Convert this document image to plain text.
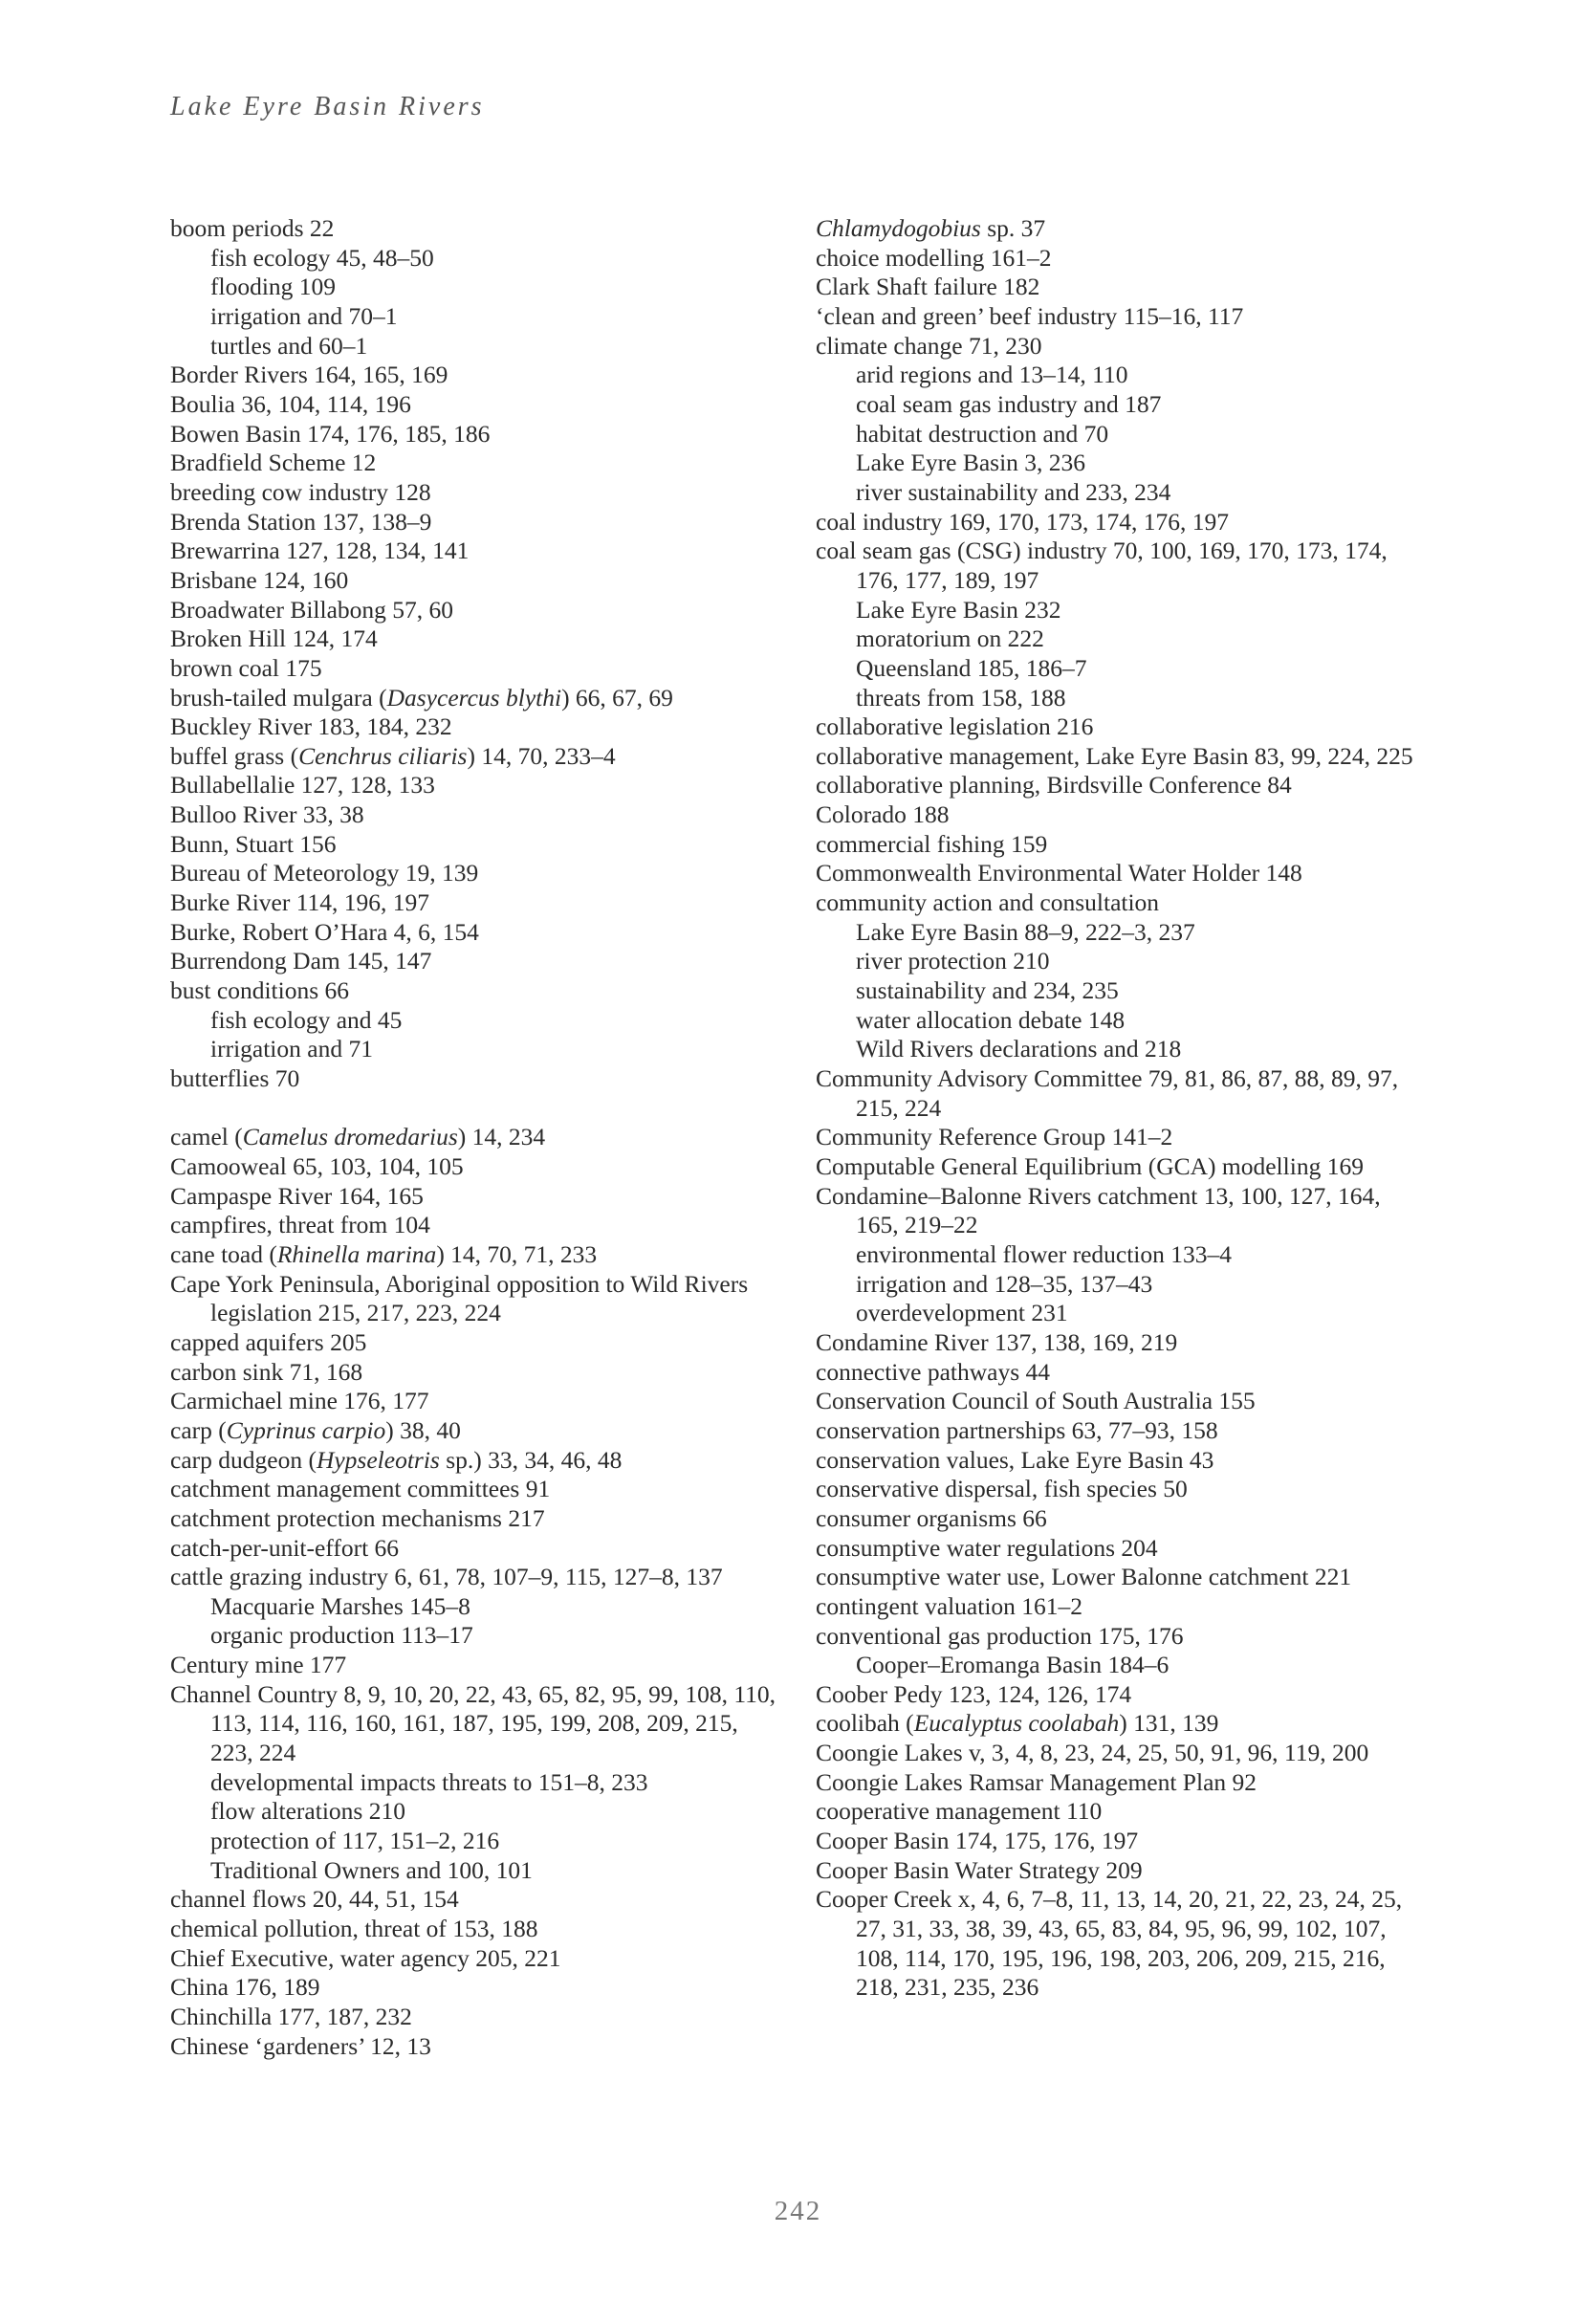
Lake Eyre Basin Rivers
boom periods 22
fish ecology 45, 48–50
flooding 109
irrigation and 70–1
turtles and 60–1
Border Rivers 164, 165, 169
Boulia 36, 104, 114, 196
Bowen Basin 174, 176, 185, 186
Bradfield Scheme 12
breeding cow industry 128
Brenda Station 137, 138–9
Brewarrina 127, 128, 134, 141
Brisbane 124, 160
Broadwater Billabong 57, 60
Broken Hill 124, 174
brown coal 175
brush-tailed mulgara (Dasycercus blythi) 66, 67, 69
Buckley River 183, 184, 232
buffel grass (Cenchrus ciliaris) 14, 70, 233–4
Bullabellalie 127, 128, 133
Bulloo River 33, 38
Bunn, Stuart 156
Bureau of Meteorology 19, 139
Burke River 114, 196, 197
Burke, Robert O’Hara 4, 6, 154
Burrendong Dam 145, 147
bust conditions 66
fish ecology and 45
irrigation and 71
butterflies 70
camel (Camelus dromedarius) 14, 234
Camooweal 65, 103, 104, 105
Campaspe River 164, 165
campfires, threat from 104
cane toad (Rhinella marina) 14, 70, 71, 233
Cape York Peninsula, Aboriginal opposition to Wild Rivers legislation 215, 217, 223, 224
capped aquifers 205
carbon sink 71, 168
Carmichael mine 176, 177
carp (Cyprinus carpio) 38, 40
carp dudgeon (Hypseleotris sp.) 33, 34, 46, 48
catchment management committees 91
catchment protection mechanisms 217
catch-per-unit-effort 66
cattle grazing industry 6, 61, 78, 107–9, 115, 127–8, 137
Macquarie Marshes 145–8
organic production 113–17
Century mine 177
Channel Country 8, 9, 10, 20, 22, 43, 65, 82, 95, 99, 108, 110, 113, 114, 116, 160, 161, 187, 195, 199, 208, 209, 215, 223, 224
developmental impacts threats to 151–8, 233
flow alterations 210
protection of 117, 151–2, 216
Traditional Owners and 100, 101
channel flows 20, 44, 51, 154
chemical pollution, threat of 153, 188
Chief Executive, water agency 205, 221
China 176, 189
Chinchilla 177, 187, 232
Chinese ‘gardeners’ 12, 13
Chlamydogobius sp. 37
choice modelling 161–2
Clark Shaft failure 182
‘clean and green’ beef industry 115–16, 117
climate change 71, 230
arid regions and 13–14, 110
coal seam gas industry and 187
habitat destruction and 70
Lake Eyre Basin 3, 236
river sustainability and 233, 234
coal industry 169, 170, 173, 174, 176, 197
coal seam gas (CSG) industry 70, 100, 169, 170, 173, 174, 176, 177, 189, 197
Lake Eyre Basin 232
moratorium on 222
Queensland 185, 186–7
threats from 158, 188
collaborative legislation 216
collaborative management, Lake Eyre Basin 83, 99, 224, 225
collaborative planning, Birdsville Conference 84
Colorado 188
commercial fishing 159
Commonwealth Environmental Water Holder 148
community action and consultation
Lake Eyre Basin 88–9, 222–3, 237
river protection 210
sustainability and 234, 235
water allocation debate 148
Wild Rivers declarations and 218
Community Advisory Committee 79, 81, 86, 87, 88, 89, 97, 215, 224
Community Reference Group 141–2
Computable General Equilibrium (GCA) modelling 169
Condamine–Balonne Rivers catchment 13, 100, 127, 164, 165, 219–22
environmental flower reduction 133–4
irrigation and 128–35, 137–43
overdevelopment 231
Condamine River 137, 138, 169, 219
connective pathways 44
Conservation Council of South Australia 155
conservation partnerships 63, 77–93, 158
conservation values, Lake Eyre Basin 43
conservative dispersal, fish species 50
consumer organisms 66
consumptive water regulations 204
consumptive water use, Lower Balonne catchment 221
contingent valuation 161–2
conventional gas production 175, 176
Cooper–Eromanga Basin 184–6
Coober Pedy 123, 124, 126, 174
coolibah (Eucalyptus coolabah) 131, 139
Coongie Lakes v, 3, 4, 8, 23, 24, 25, 50, 91, 96, 119, 200
Coongie Lakes Ramsar Management Plan 92
cooperative management 110
Cooper Basin 174, 175, 176, 197
Cooper Basin Water Strategy 209
Cooper Creek x, 4, 6, 7–8, 11, 13, 14, 20, 21, 22, 23, 24, 25, 27, 31, 33, 38, 39, 43, 65, 83, 84, 95, 96, 99, 102, 107, 108, 114, 170, 195, 196, 198, 203, 206, 209, 215, 216, 218, 231, 235, 236
242
